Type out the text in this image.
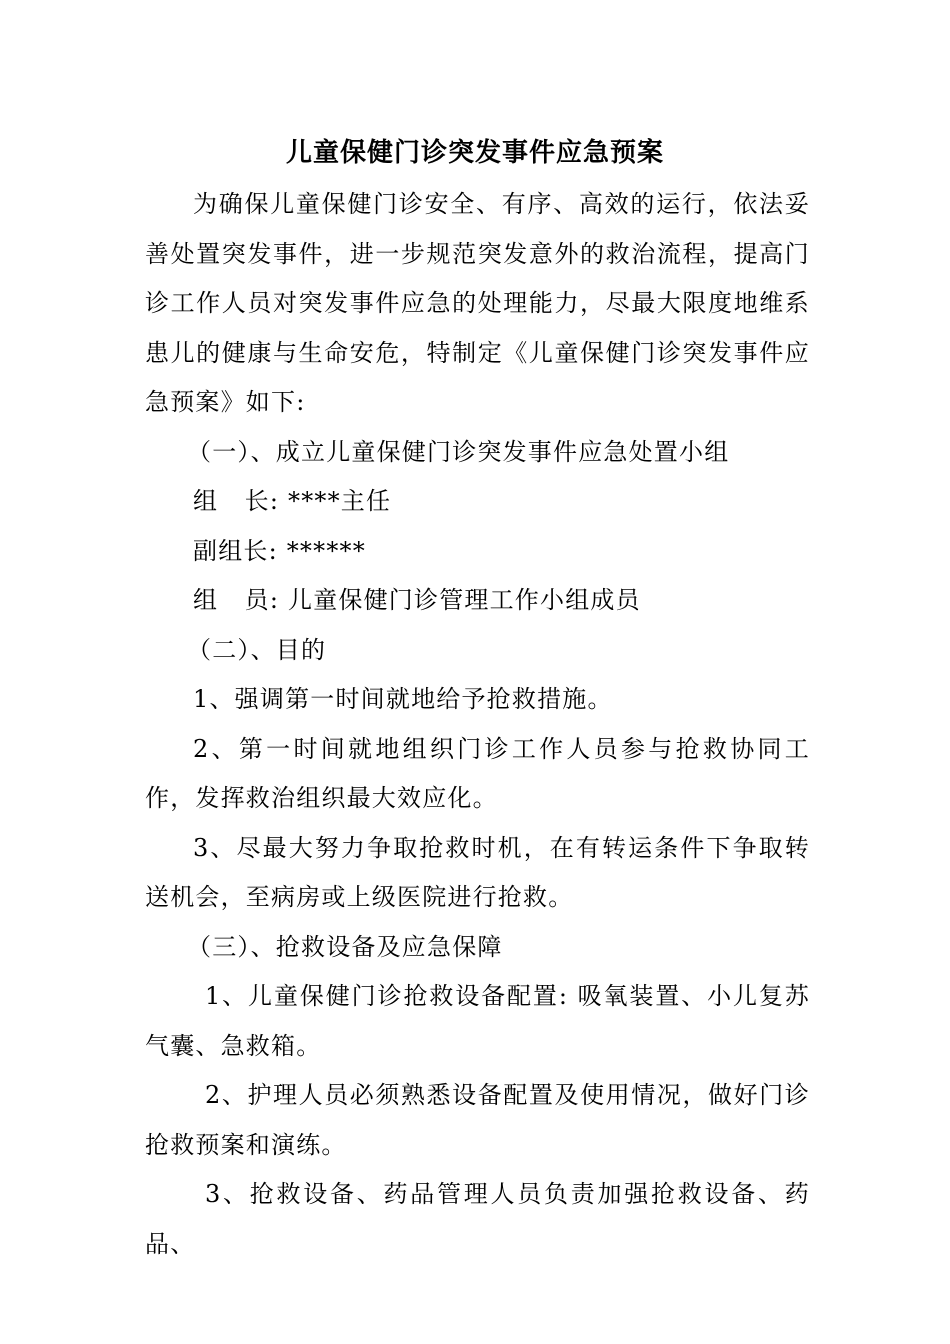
儿童保健门诊突发事件应急预案

为确保儿童保健门诊安全、有序、高效的运行，依法妥善处置突发事件，进一步规范突发意外的救治流程，提高门诊工作人员对突发事件应急的处理能力，尽最大限度地维系患儿的健康与生命安危，特制定《儿童保健门诊突发事件应急预案》如下:

（一）、成立儿童保健门诊突发事件应急处置小组

组   长: ****主任

副组长: ******

组   员: 儿童保健门诊管理工作小组成员

（二）、目的

1、强调第一时间就地给予抢救措施。

2、第一时间就地组织门诊工作人员参与抢救协同工作，发挥救治组织最大效应化。

3、尽最大努力争取抢救时机，在有转运条件下争取转送机会，至病房或上级医院进行抢救。

（三）、抢救设备及应急保障

1、儿童保健门诊抢救设备配置: 吸氧装置、小儿复苏气囊、急救箱。

2、护理人员必须熟悉设备配置及使用情况，做好门诊抢救预案和演练。

3、抢救设备、药品管理人员负责加强抢救设备、药品、
